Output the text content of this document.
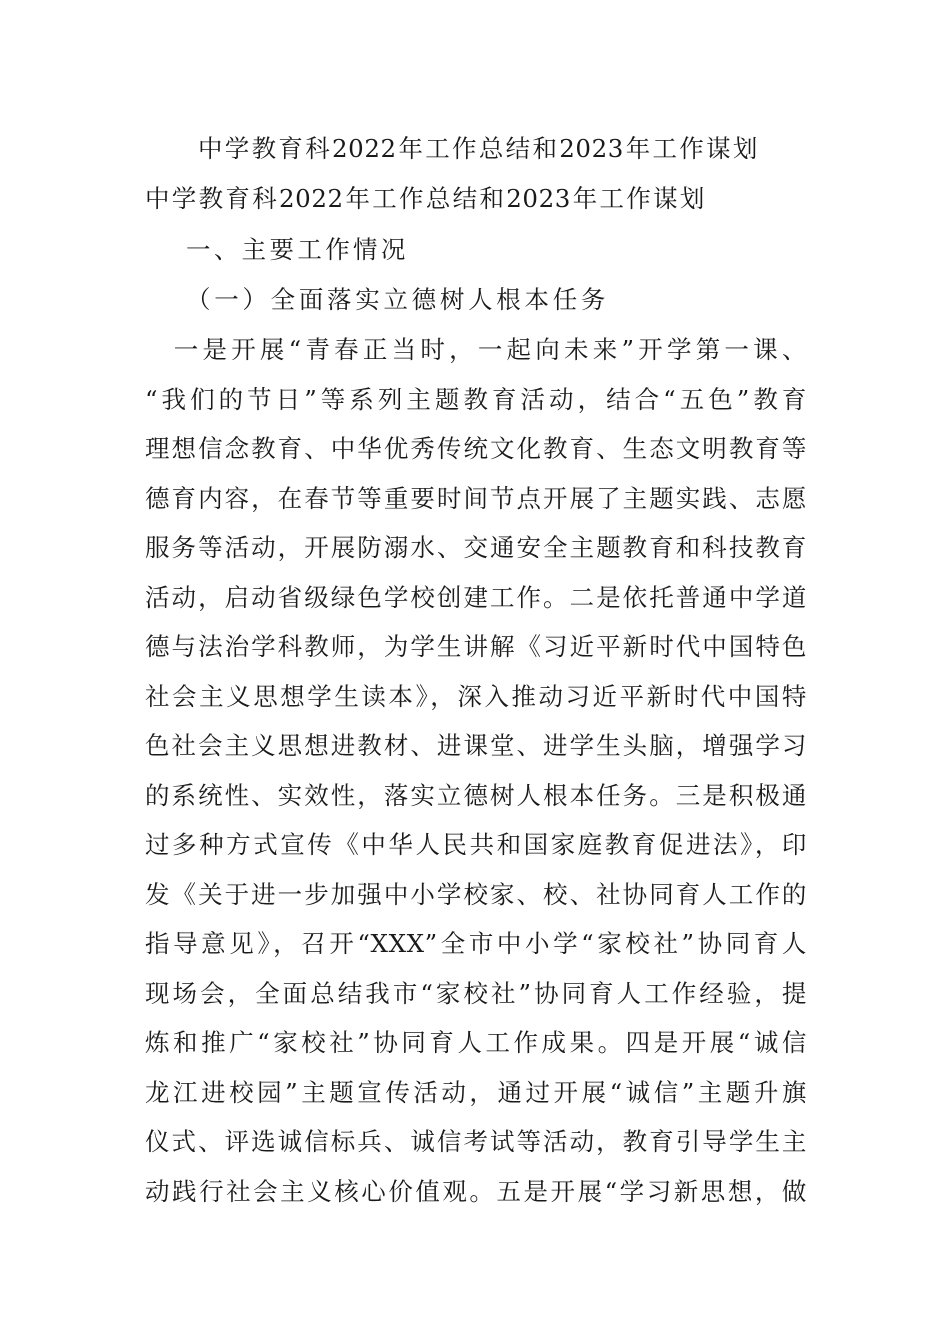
中学教育科2022年工作总结和2023年工作谋划
中学教育科2022年工作总结和2023年工作谋划
一、主要工作情况
（一）全面落实立德树人根本任务
　一是开展“青春正当时，一起向未来”开学第一课、
“我们的节日”等系列主题教育活动，结合“五色”教育
理想信念教育、中华优秀传统文化教育、生态文明教育等
德育内容，在春节等重要时间节点开展了主题实践、志愿
服务等活动，开展防溺水、交通安全主题教育和科技教育
活动，启动省级绿色学校创建工作。二是依托普通中学道
德与法治学科教师，为学生讲解《习近平新时代中国特色
社会主义思想学生读本》，深入推动习近平新时代中国特
色社会主义思想进教材、进课堂、进学生头脑，增强学习
的系统性、实效性，落实立德树人根本任务。三是积极通
过多种方式宣传《中华人民共和国家庭教育促进法》，印
发《关于进一步加强中小学校家、校、社协同育人工作的
指导意见》，召开“XXX”全市中小学“家校社”协同育人
现场会，全面总结我市“家校社”协同育人工作经验，提
炼和推广“家校社”协同育人工作成果。四是开展“诚信
龙江进校园”主题宣传活动，通过开展“诚信”主题升旗
仪式、评选诚信标兵、诚信考试等活动，教育引导学生主
动践行社会主义核心价值观。五是开展“学习新思想，做
